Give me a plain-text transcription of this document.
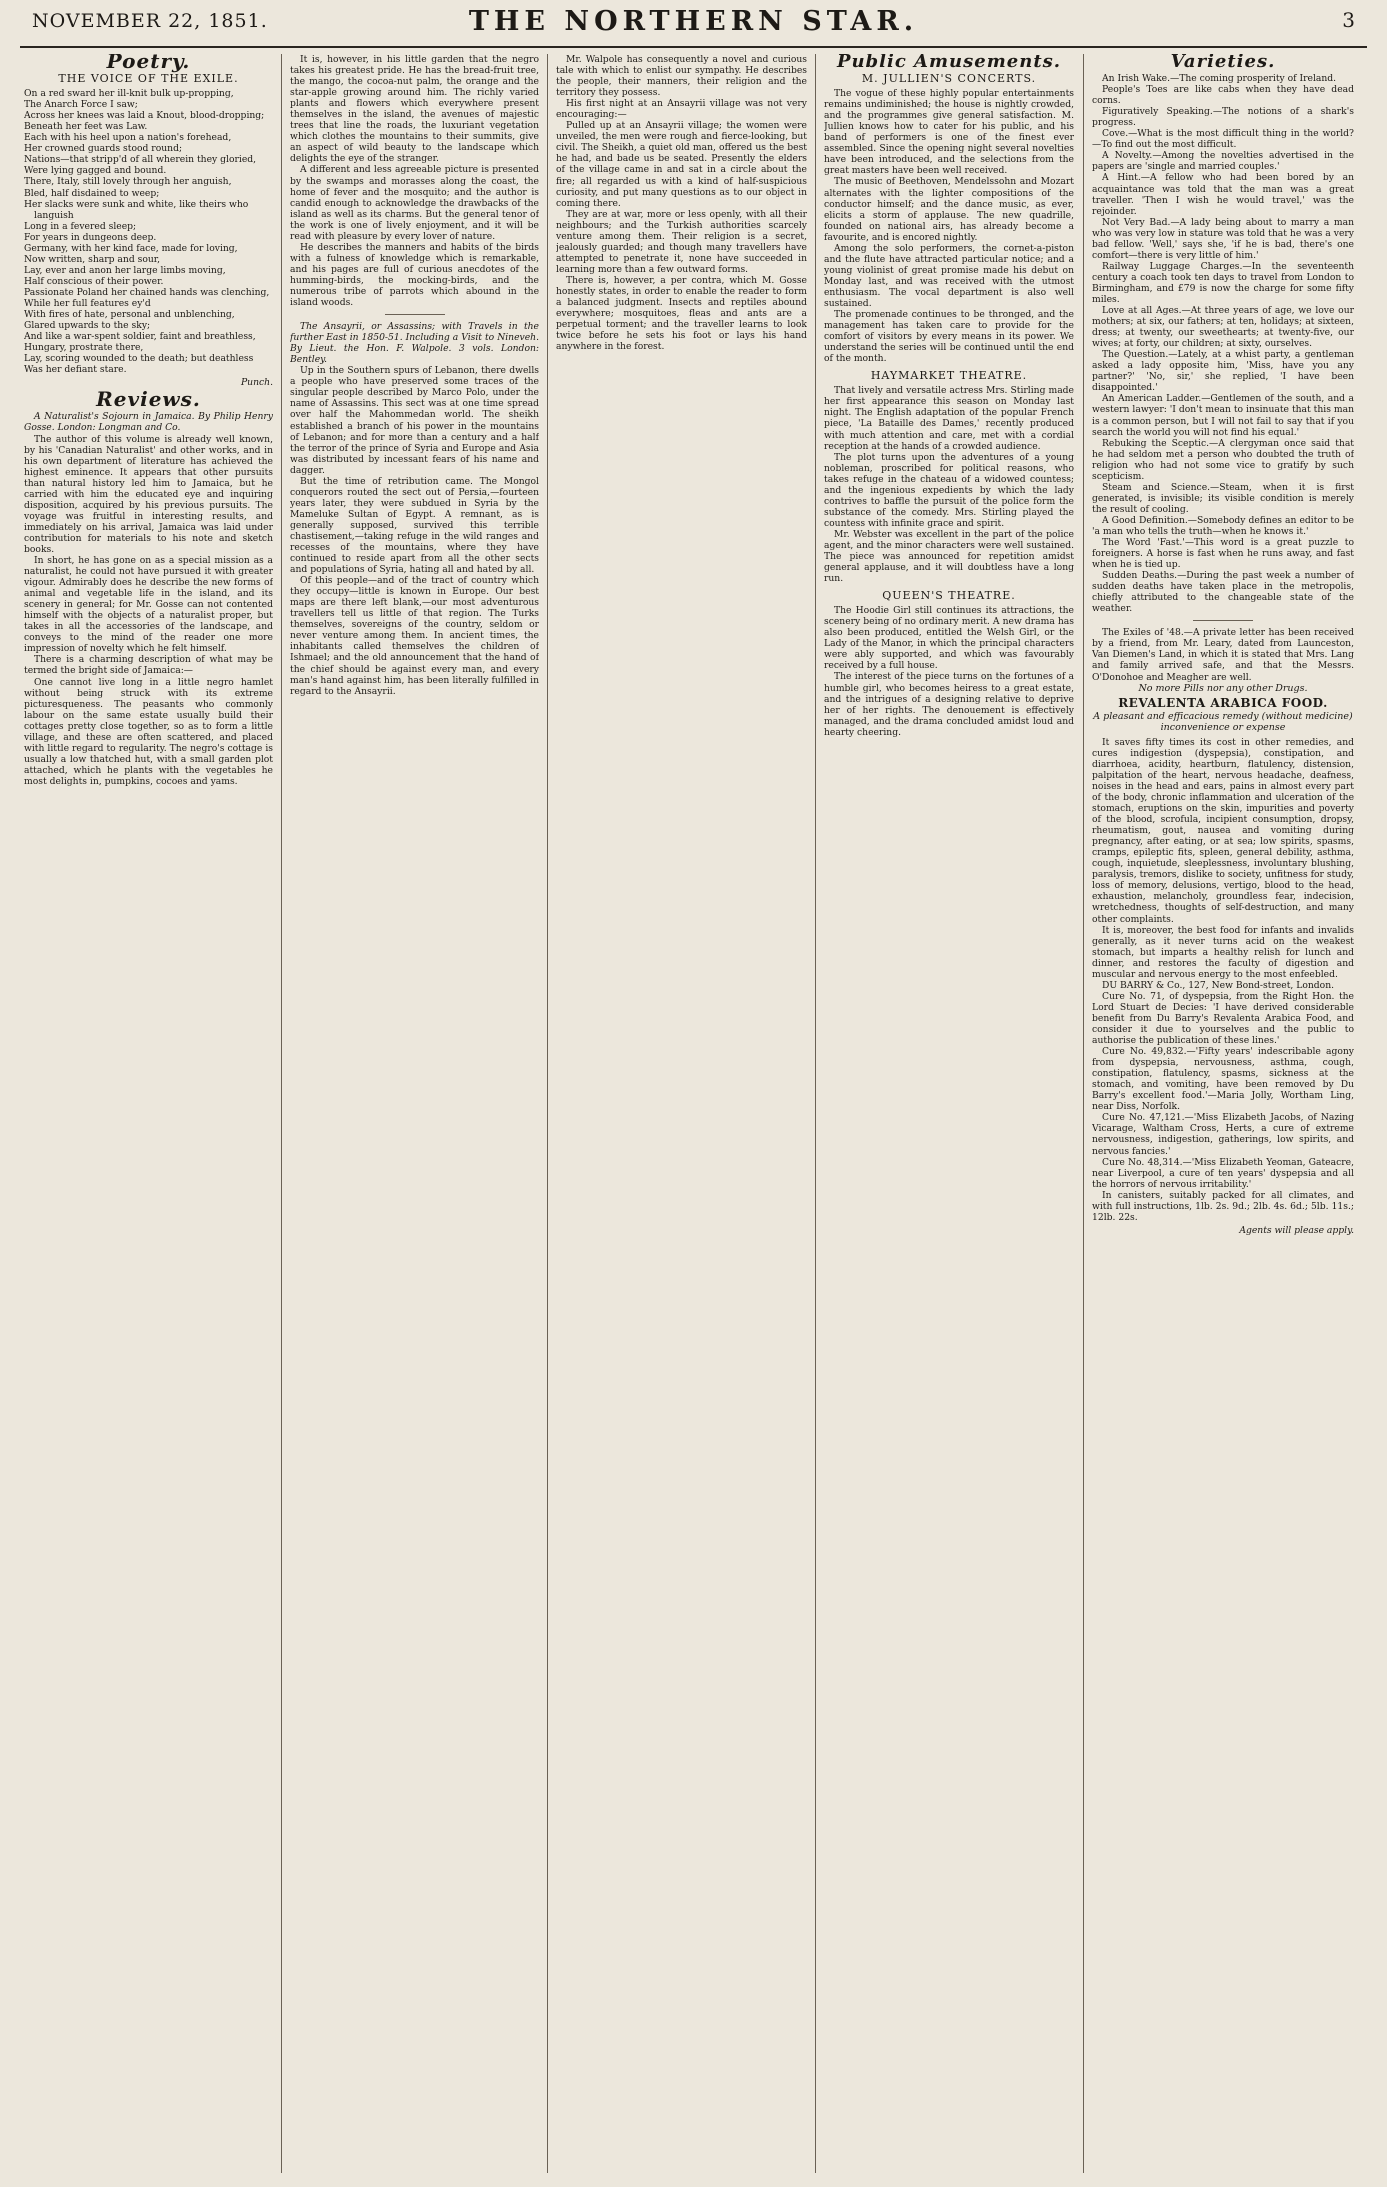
NOVEMBER 22, 1851.	THE NORTHERN STAR.	3
Poetry.
THE VOICE OF THE EXILE.
On a red sward her ill-knit bulk up-propping,
The Anarch Force I saw;
Across her knees was laid a Knout, blood-dropping;
Beneath her feet was Law.
Each with his heel upon a nation's forehead,
Her crowned guards stood round;
Nations—that stripp'd of all wherein they gloried,
Were lying gagged and bound.
There, Italy, still lovely through her anguish,
Bled, half disdained to weep;
Her slacks were sunk and white, like theirs who languish
Long in a fevered sleep;
For years in dungeons deep.
Germany, with her kind face, made for loving,
Now written, sharp and sour,
Lay, ever and anon her large limbs moving,
Half conscious of their power.
Passionate Poland her chained hands was clenching,
While her full features ey'd
With fires of hate, personal and unblenching,
Glared upwards to the sky;
And like a war-spent soldier, faint and breathless,
Hungary, prostrate there,
Lay, scoring wounded to the death; but deathless
Was her defiant stare.
Punch.
Reviews.

A Naturalist's Sojourn in Jamaica. By Philip Henry Gosse. London: Longman and Co.

The author of this volume is already well known, by his 'Canadian Naturalist' and other works, and in his own department of literature has achieved the highest eminence. It appears that other pursuits than natural history led him to Jamaica, but he carried with him the educated eye and inquiring disposition, acquired by his previous pursuits. The voyage was fruitful in interesting results, and immediately on his arrival, Jamaica was laid under contribution for materials to his note and sketch books.

In short, he has gone on as a special mission as a naturalist, he could not have pursued it with greater vigour. Admirably does he describe the new forms of animal and vegetable life in the island, and its scenery in general; for Mr. Gosse can not contented himself with the objects of a naturalist proper, but takes in all the accessories of the landscape, and conveys to the mind of the reader one more impression of novelty which he felt himself.

There is a charming description of what may be termed the bright side of Jamaica:—

One cannot live long in a little negro hamlet without being struck with its extreme picturesqueness. The peasants who commonly labour on the same estate usually build their cottages pretty close together, so as to form a little village, and these are often scattered, and placed with little regard to regularity. The negro's cottage is usually a low thatched hut, with a small garden plot attached, which he plants with the vegetables he most delights in, pumpkins, cocoes and yams.

It is, however, in his little garden that the negro takes his greatest pride. He has the bread-fruit tree, the mango, the cocoa-nut palm, the orange and the star-apple growing around him. The richly varied plants and flowers which everywhere present themselves in the island, the avenues of majestic trees that line the roads, the luxuriant vegetation which clothes the mountains to their summits, give an aspect of wild beauty to the landscape which delights the eye of the stranger.

A different and less agreeable picture is presented by the swamps and morasses along the coast, the home of fever and the mosquito; and the author is candid enough to acknowledge the drawbacks of the island as well as its charms. But the general tenor of the work is one of lively enjoyment, and it will be read with pleasure by every lover of nature.

He describes the manners and habits of the birds with a fulness of knowledge which is remarkable, and his pages are full of curious anecdotes of the humming-birds, the mocking-birds, and the numerous tribe of parrots which abound in the island woods.

The Ansayrii, or Assassins; with Travels in the further East in 1850-51. Including a Visit to Nineveh. By Lieut. the Hon. F. Walpole. 3 vols. London: Bentley.

Up in the Southern spurs of Lebanon, there dwells a people who have preserved some traces of the singular people described by Marco Polo, under the name of Assassins. This sect was at one time spread over half the Mahommedan world. The sheikh established a branch of his power in the mountains of Lebanon; and for more than a century and a half the terror of the prince of Syria and Europe and Asia was distributed by incessant fears of his name and dagger.

But the time of retribution came. The Mongol conquerors routed the sect out of Persia,—fourteen years later, they were subdued in Syria by the Mameluke Sultan of Egypt. A remnant, as is generally supposed, survived this terrible chastisement,—taking refuge in the wild ranges and recesses of the mountains, where they have continued to reside apart from all the other sects and populations of Syria, hating all and hated by all.

Of this people—and of the tract of country which they occupy—little is known in Europe. Our best maps are there left blank,—our most adventurous travellers tell us little of that region. The Turks themselves, sovereigns of the country, seldom or never venture among them. In ancient times, the inhabitants called themselves the children of Ishmael; and the old announcement that the hand of the chief should be against every man, and every man's hand against him, has been literally fulfilled in regard to the Ansayrii.

Mr. Walpole has consequently a novel and curious tale with which to enlist our sympathy. He describes the people, their manners, their religion and the territory they possess.

His first night at an Ansayrii village was not very encouraging:—

Pulled up at an Ansayrii village; the women were unveiled, the men were rough and fierce-looking, but civil. The Sheikh, a quiet old man, offered us the best he had, and bade us be seated. Presently the elders of the village came in and sat in a circle about the fire; all regarded us with a kind of half-suspicious curiosity, and put many questions as to our object in coming there.

They are at war, more or less openly, with all their neighbours; and the Turkish authorities scarcely venture among them. Their religion is a secret, jealously guarded; and though many travellers have attempted to penetrate it, none have succeeded in learning more than a few outward forms.

There is, however, a per contra, which M. Gosse honestly states, in order to enable the reader to form a balanced judgment. Insects and reptiles abound everywhere; mosquitoes, fleas and ants are a perpetual torment; and the traveller learns to look twice before he sets his foot or lays his hand anywhere in the forest.

Public Amusements.
M. JULLIEN'S CONCERTS.

The vogue of these highly popular entertainments remains undiminished; the house is nightly crowded, and the programmes give general satisfaction. M. Jullien knows how to cater for his public, and his band of performers is one of the finest ever assembled. Since the opening night several novelties have been introduced, and the selections from the great masters have been well received.

The music of Beethoven, Mendelssohn and Mozart alternates with the lighter compositions of the conductor himself; and the dance music, as ever, elicits a storm of applause. The new quadrille, founded on national airs, has already become a favourite, and is encored nightly.

Among the solo performers, the cornet-a-piston and the flute have attracted particular notice; and a young violinist of great promise made his debut on Monday last, and was received with the utmost enthusiasm. The vocal department is also well sustained.

The promenade continues to be thronged, and the management has taken care to provide for the comfort of visitors by every means in its power. We understand the series will be continued until the end of the month.

HAYMARKET THEATRE.

That lively and versatile actress Mrs. Stirling made her first appearance this season on Monday last night. The English adaptation of the popular French piece, 'La Bataille des Dames,' recently produced with much attention and care, met with a cordial reception at the hands of a crowded audience.

The plot turns upon the adventures of a young nobleman, proscribed for political reasons, who takes refuge in the chateau of a widowed countess; and the ingenious expedients by which the lady contrives to baffle the pursuit of the police form the substance of the comedy. Mrs. Stirling played the countess with infinite grace and spirit.

Mr. Webster was excellent in the part of the police agent, and the minor characters were well sustained. The piece was announced for repetition amidst general applause, and it will doubtless have a long run.

QUEEN'S THEATRE.

The Hoodie Girl still continues its attractions, the scenery being of no ordinary merit. A new drama has also been produced, entitled the Welsh Girl, or the Lady of the Manor, in which the principal characters were ably supported, and which was favourably received by a full house.

The interest of the piece turns on the fortunes of a humble girl, who becomes heiress to a great estate, and the intrigues of a designing relative to deprive her of her rights. The denouement is effectively managed, and the drama concluded amidst loud and hearty cheering.

Varieties.

An Irish Wake.—The coming prosperity of Ireland.

People's Toes are like cabs when they have dead corns.

Figuratively Speaking.—The notions of a shark's progress.

Cove.—What is the most difficult thing in the world?—To find out the most difficult.

A Novelty.—Among the novelties advertised in the papers are 'single and married couples.'

A Hint.—A fellow who had been bored by an acquaintance was told that the man was a great traveller. 'Then I wish he would travel,' was the rejoinder.

Not Very Bad.—A lady being about to marry a man who was very low in stature was told that he was a very bad fellow. 'Well,' says she, 'if he is bad, there's one comfort—there is very little of him.'

Railway Luggage Charges.—In the seventeenth century a coach took ten days to travel from London to Birmingham, and £79 is now the charge for some fifty miles.

Love at all Ages.—At three years of age, we love our mothers; at six, our fathers; at ten, holidays; at sixteen, dress; at twenty, our sweethearts; at twenty-five, our wives; at forty, our children; at sixty, ourselves.

The Question.—Lately, at a whist party, a gentleman asked a lady opposite him, 'Miss, have you any partner?' 'No, sir,' she replied, 'I have been disappointed.'

An American Ladder.—Gentlemen of the south, and a western lawyer: 'I don't mean to insinuate that this man is a common person, but I will not fail to say that if you search the world you will not find his equal.'

Rebuking the Sceptic.—A clergyman once said that he had seldom met a person who doubted the truth of religion who had not some vice to gratify by such scepticism.

Steam and Science.—Steam, when it is first generated, is invisible; its visible condition is merely the result of cooling.

A Good Definition.—Somebody defines an editor to be 'a man who tells the truth—when he knows it.'

The Word 'Fast.'—This word is a great puzzle to foreigners. A horse is fast when he runs away, and fast when he is tied up.

Sudden Deaths.—During the past week a number of sudden deaths have taken place in the metropolis, chiefly attributed to the changeable state of the weather.

The Exiles of '48.—A private letter has been received by a friend, from Mr. Leary, dated from Launceston, Van Diemen's Land, in which it is stated that Mrs. Lang and family arrived safe, and that the Messrs. O'Donohoe and Meagher are well.

No more Pills nor any other Drugs.
REVALENTA ARABICA FOOD.
A pleasant and efficacious remedy (without medicine) inconvenience or expense

It saves fifty times its cost in other remedies, and cures indigestion (dyspepsia), constipation, and diarrhoea, acidity, heartburn, flatulency, distension, palpitation of the heart, nervous headache, deafness, noises in the head and ears, pains in almost every part of the body, chronic inflammation and ulceration of the stomach, eruptions on the skin, impurities and poverty of the blood, scrofula, incipient consumption, dropsy, rheumatism, gout, nausea and vomiting during pregnancy, after eating, or at sea; low spirits, spasms, cramps, epileptic fits, spleen, general debility, asthma, cough, inquietude, sleeplessness, involuntary blushing, paralysis, tremors, dislike to society, unfitness for study, loss of memory, delusions, vertigo, blood to the head, exhaustion, melancholy, groundless fear, indecision, wretchedness, thoughts of self-destruction, and many other complaints.

It is, moreover, the best food for infants and invalids generally, as it never turns acid on the weakest stomach, but imparts a healthy relish for lunch and dinner, and restores the faculty of digestion and muscular and nervous energy to the most enfeebled.

DU BARRY & Co., 127, New Bond-street, London.

Cure No. 71, of dyspepsia, from the Right Hon. the Lord Stuart de Decies: 'I have derived considerable benefit from Du Barry's Revalenta Arabica Food, and consider it due to yourselves and the public to authorise the publication of these lines.'

Cure No. 49,832.—'Fifty years' indescribable agony from dyspepsia, nervousness, asthma, cough, constipation, flatulency, spasms, sickness at the stomach, and vomiting, have been removed by Du Barry's excellent food.'—Maria Jolly, Wortham Ling, near Diss, Norfolk.

Cure No. 47,121.—'Miss Elizabeth Jacobs, of Nazing Vicarage, Waltham Cross, Herts, a cure of extreme nervousness, indigestion, gatherings, low spirits, and nervous fancies.'

Cure No. 48,314.—'Miss Elizabeth Yeoman, Gateacre, near Liverpool, a cure of ten years' dyspepsia and all the horrors of nervous irritability.'

In canisters, suitably packed for all climates, and with full instructions, 1lb. 2s. 9d.; 2lb. 4s. 6d.; 5lb. 11s.; 12lb. 22s.

Agents will please apply.
